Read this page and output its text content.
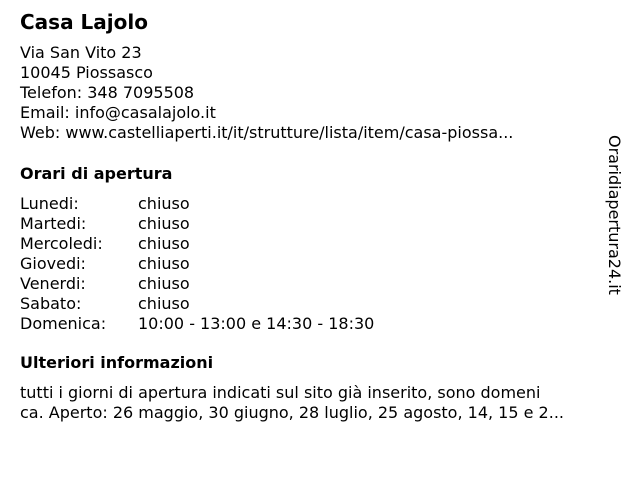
Casa Lajolo
Via San Vito 23
10045 Piossasco
Telefon: 348 7095508
Email: info@casalajolo.it
Web: www.castelliaperti.it/it/strutture/lista/item/casa-piossa...
Orari di apertura
Lunedi:	chiuso
Martedi:	chiuso
Mercoledi: chiuso
Giovedi:	chiuso
Venerdi:	chiuso
Sabato:	chiuso
Domenica: 10:00 - 13:00 e 14:30 - 18:30
Ulteriori informazioni
tutti i giorni di apertura indicati sul sito già inserito, sono domeni
ca. Aperto: 26 maggio, 30 giugno, 28 luglio, 25 agosto, 14, 15 e 2...
Oraridiapertura24.it
